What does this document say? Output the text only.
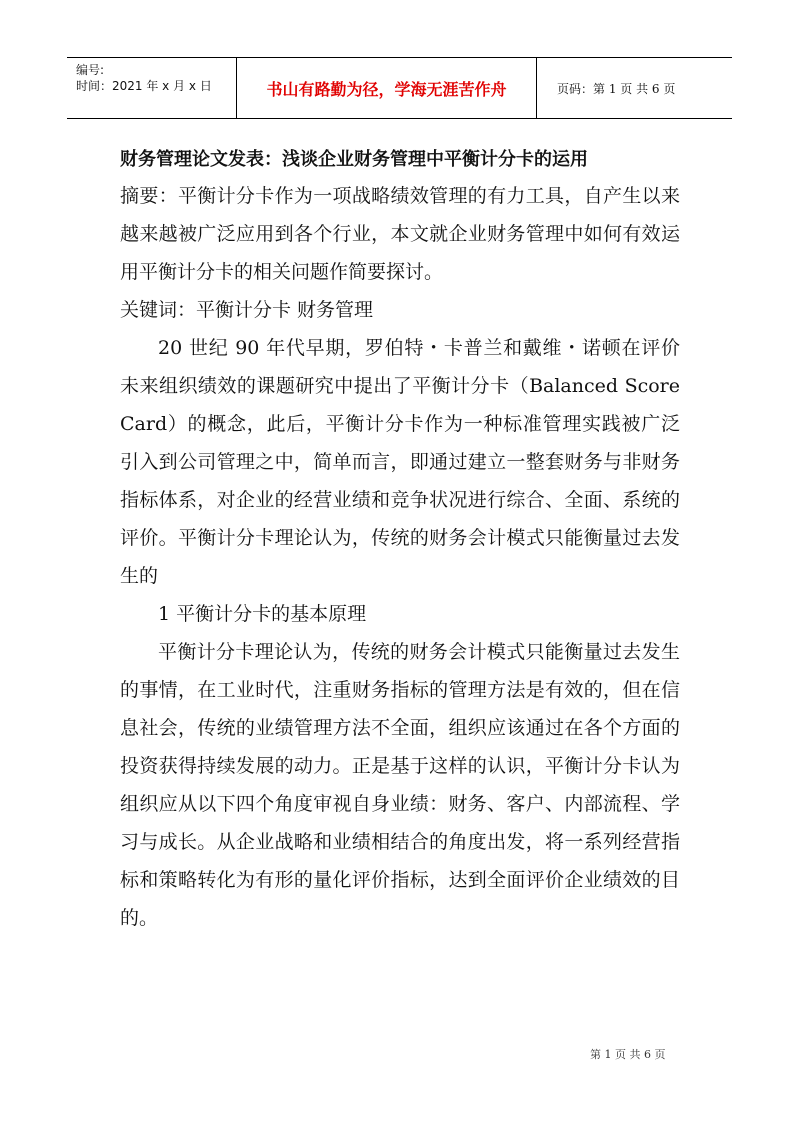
编号:
时间：2021 年 x 月 x 日	书山有路勤为径，学海无涯苦作舟	页码：第 1 页 共 6 页
财务管理论文发表：浅谈企业财务管理中平衡计分卡的运用

摘要：平衡计分卡作为一项战略绩效管理的有力工具，自产生以来越来越被广泛应用到各个行业，本文就企业财务管理中如何有效运用平衡计分卡的相关问题作简要探讨。

关键词：平衡计分卡 财务管理

20 世纪 90 年代早期，罗伯特・卡普兰和戴维・诺顿在评价未来组织绩效的课题研究中提出了平衡计分卡（Balanced Score Card）的概念，此后，平衡计分卡作为一种标准管理实践被广泛引入到公司管理之中，简单而言，即通过建立一整套财务与非财务指标体系，对企业的经营业绩和竞争状况进行综合、全面、系统的评价。平衡计分卡理论认为，传统的财务会计模式只能衡量过去发生的

1 平衡计分卡的基本原理

平衡计分卡理论认为，传统的财务会计模式只能衡量过去发生的事情，在工业时代，注重财务指标的管理方法是有效的，但在信息社会，传统的业绩管理方法不全面，组织应该通过在各个方面的投资获得持续发展的动力。正是基于这样的认识，平衡计分卡认为组织应从以下四个角度审视自身业绩：财务、客户、内部流程、学习与成长。从企业战略和业绩相结合的角度出发，将一系列经营指标和策略转化为有形的量化评价指标，达到全面评价企业绩效的目的。

第 1 页 共 6 页
